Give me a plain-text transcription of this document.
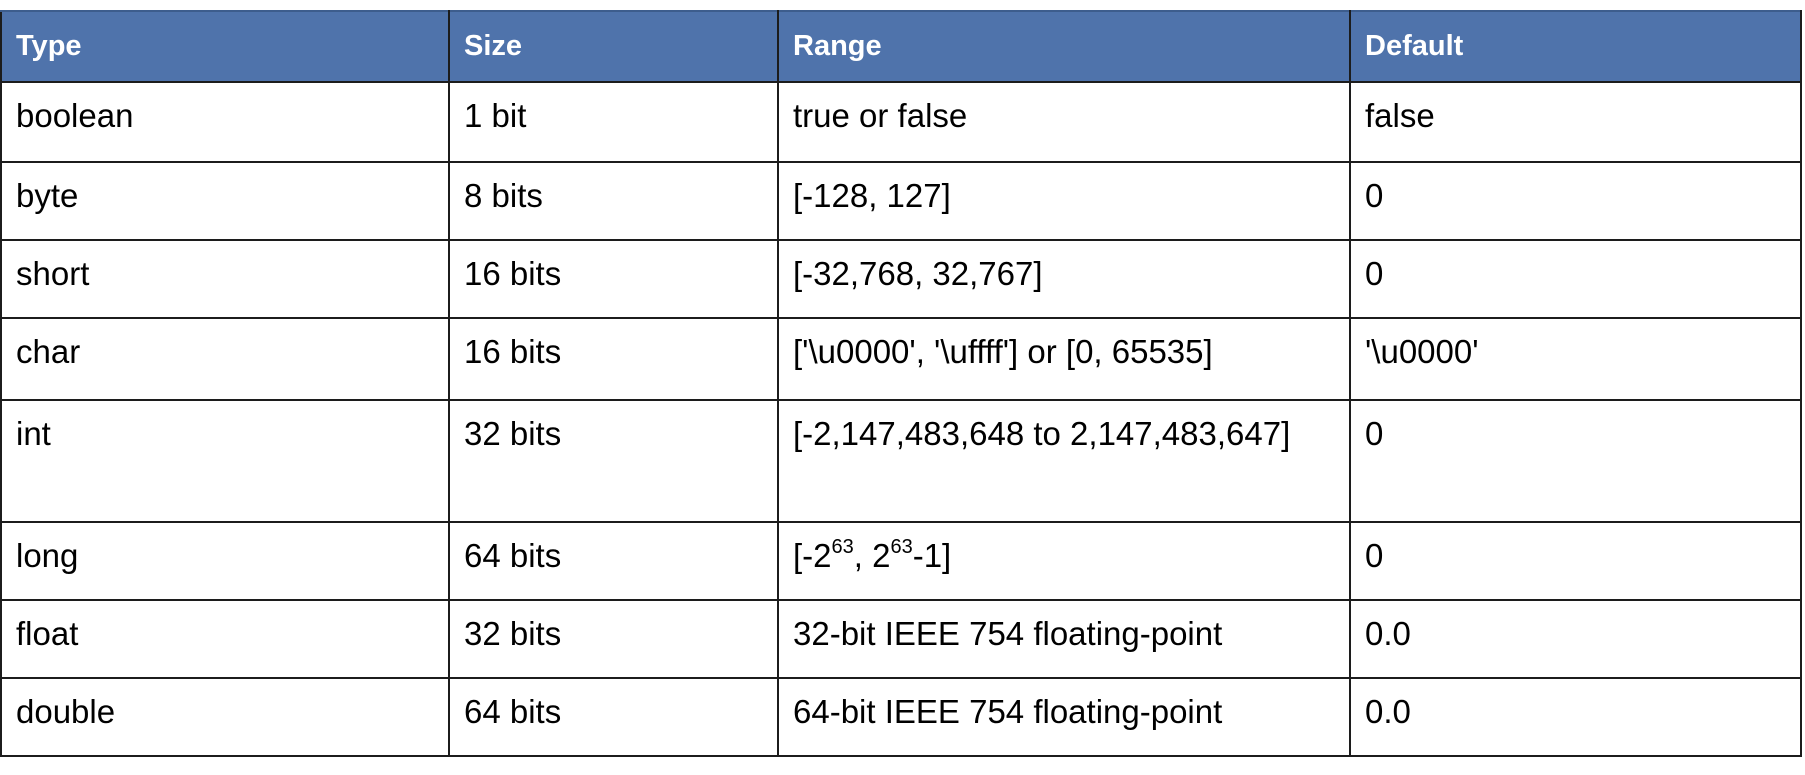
Type	Size	Range	Default
boolean	1 bit	true or false	false
byte	8 bits	[-128, 127]	0
short	16 bits	[-32,768, 32,767]	0
char	16 bits	['\u0000', '\uffff'] or [0, 65535]	'\u0000'
int	32 bits	[-2,147,483,648 to 2,147,483,647]	0
long	64 bits	[$-2^{63}$, $2^{63}-1$]	0
float	32 bits	32-bit IEEE 754 floating-point	0.0
double	64 bits	64-bit IEEE 754 floating-point	0.0
